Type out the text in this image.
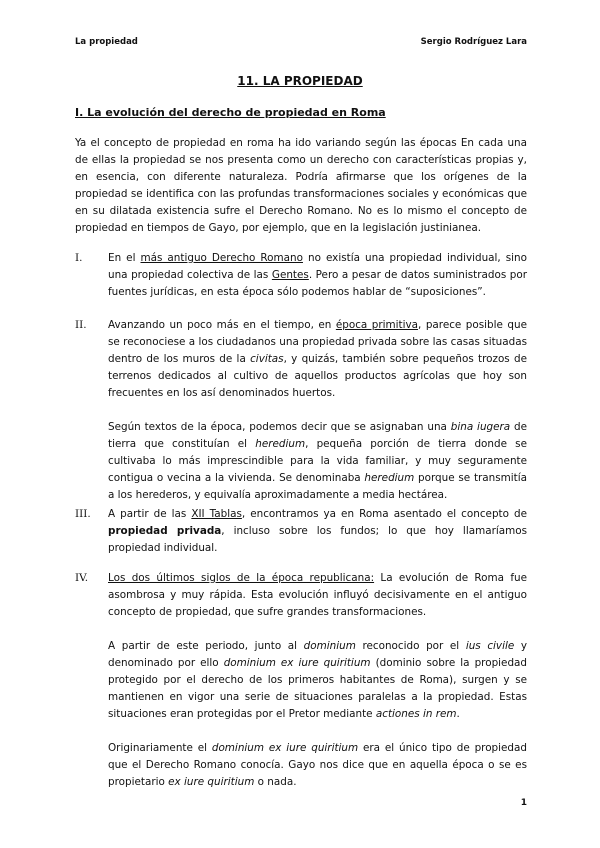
La propiedad	Sergio Rodríguez Lara
11. LA PROPIEDAD
I. La evolución del derecho de propiedad en Roma

Ya el concepto de propiedad en roma ha ido variando según las épocas En cada una de ellas la propiedad se nos presenta como un derecho con características propias y, en esencia, con diferente naturaleza. Podría afirmarse que los orígenes de la propiedad se identifica con las profundas transformaciones sociales y económicas que en su dilatada existencia sufre el Derecho Romano. No es lo mismo el concepto de propiedad en tiempos de Gayo, por ejemplo, que en la legislación justinianea.

I.	En el más antiguo Derecho Romano no existía una propiedad individual, sino una propiedad colectiva de las Gentes. Pero a pesar de datos suministrados por fuentes jurídicas, en esta época sólo podemos hablar de “suposiciones”.

II.	Avanzando un poco más en el tiempo, en época primitiva, parece posible que se reconociese a los ciudadanos una propiedad privada sobre las casas situadas dentro de los muros de la civitas, y quizás, también sobre pequeños trozos de terrenos dedicados al cultivo de aquellos productos agrícolas que hoy son frecuentes en los así denominados huertos.

Según textos de la época, podemos decir que se asignaban una bina iugera de tierra que constituían el heredium, pequeña porción de tierra donde se cultivaba lo más imprescindible para la vida familiar, y muy seguramente contigua o vecina a la vivienda. Se denominaba heredium porque se transmitía a los herederos, y equivalía aproximadamente a media hectárea.

III.	A partir de las XII Tablas, encontramos ya en Roma asentado el concepto de propiedad privada, incluso sobre los fundos; lo que hoy llamaríamos propiedad individual.

IV.	Los dos últimos siglos de la época republicana: La evolución de Roma fue asombrosa y muy rápida. Esta evolución influyó decisivamente en el antiguo concepto de propiedad, que sufre grandes transformaciones.

A partir de este periodo, junto al dominium reconocido por el ius civile y denominado por ello dominium ex iure quiritium (dominio sobre la propiedad protegido por el derecho de los primeros habitantes de Roma), surgen y se mantienen en vigor una serie de situaciones paralelas a la propiedad. Estas situaciones eran protegidas por el Pretor mediante actiones in rem.

Originariamente el dominium ex iure quiritium era el único tipo de propiedad que el Derecho Romano conocía. Gayo nos dice que en aquella época o se es propietario ex iure quiritium o nada.

1
